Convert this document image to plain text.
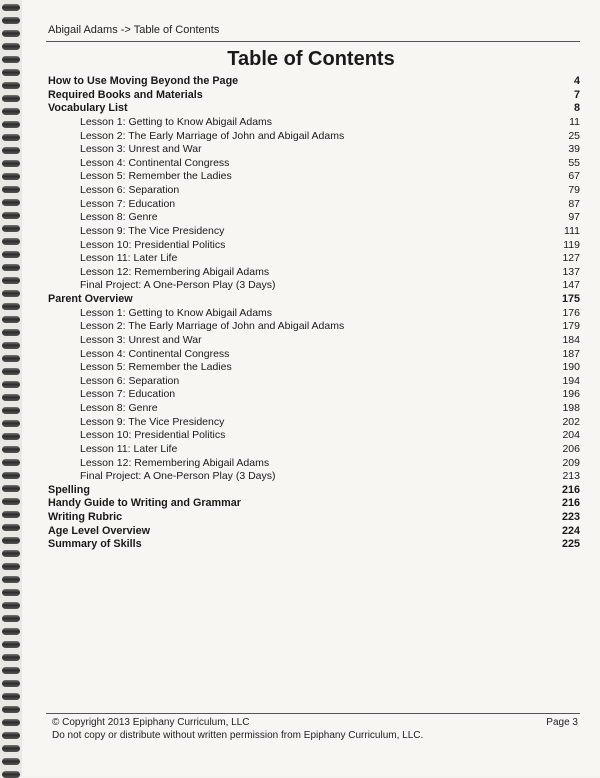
Abigail Adams -> Table of Contents
Table of Contents
How to Use Moving Beyond the Page	4
Required Books and Materials	7
Vocabulary List	8
Lesson 1: Getting to Know Abigail Adams	11
Lesson 2: The Early Marriage of John and Abigail Adams	25
Lesson 3: Unrest and War	39
Lesson 4: Continental Congress	55
Lesson 5: Remember the Ladies	67
Lesson 6: Separation	79
Lesson 7: Education	87
Lesson 8: Genre	97
Lesson 9: The Vice Presidency	111
Lesson 10: Presidential Politics	119
Lesson 11: Later Life	127
Lesson 12: Remembering Abigail Adams	137
Final Project: A One-Person Play (3 Days)	147
Parent Overview	175
Lesson 1: Getting to Know Abigail Adams	176
Lesson 2: The Early Marriage of John and Abigail Adams	179
Lesson 3: Unrest and War	184
Lesson 4: Continental Congress	187
Lesson 5: Remember the Ladies	190
Lesson 6: Separation	194
Lesson 7: Education	196
Lesson 8: Genre	198
Lesson 9: The Vice Presidency	202
Lesson 10: Presidential Politics	204
Lesson 11: Later Life	206
Lesson 12: Remembering Abigail Adams	209
Final Project: A One-Person Play (3 Days)	213
Spelling	216
Handy Guide to Writing and Grammar	216
Writing Rubric	223
Age Level Overview	224
Summary of Skills	225
© Copyright 2013 Epiphany Curriculum, LLC
Do not copy or distribute without written permission from Epiphany Curriculum, LLC.
Page 3
